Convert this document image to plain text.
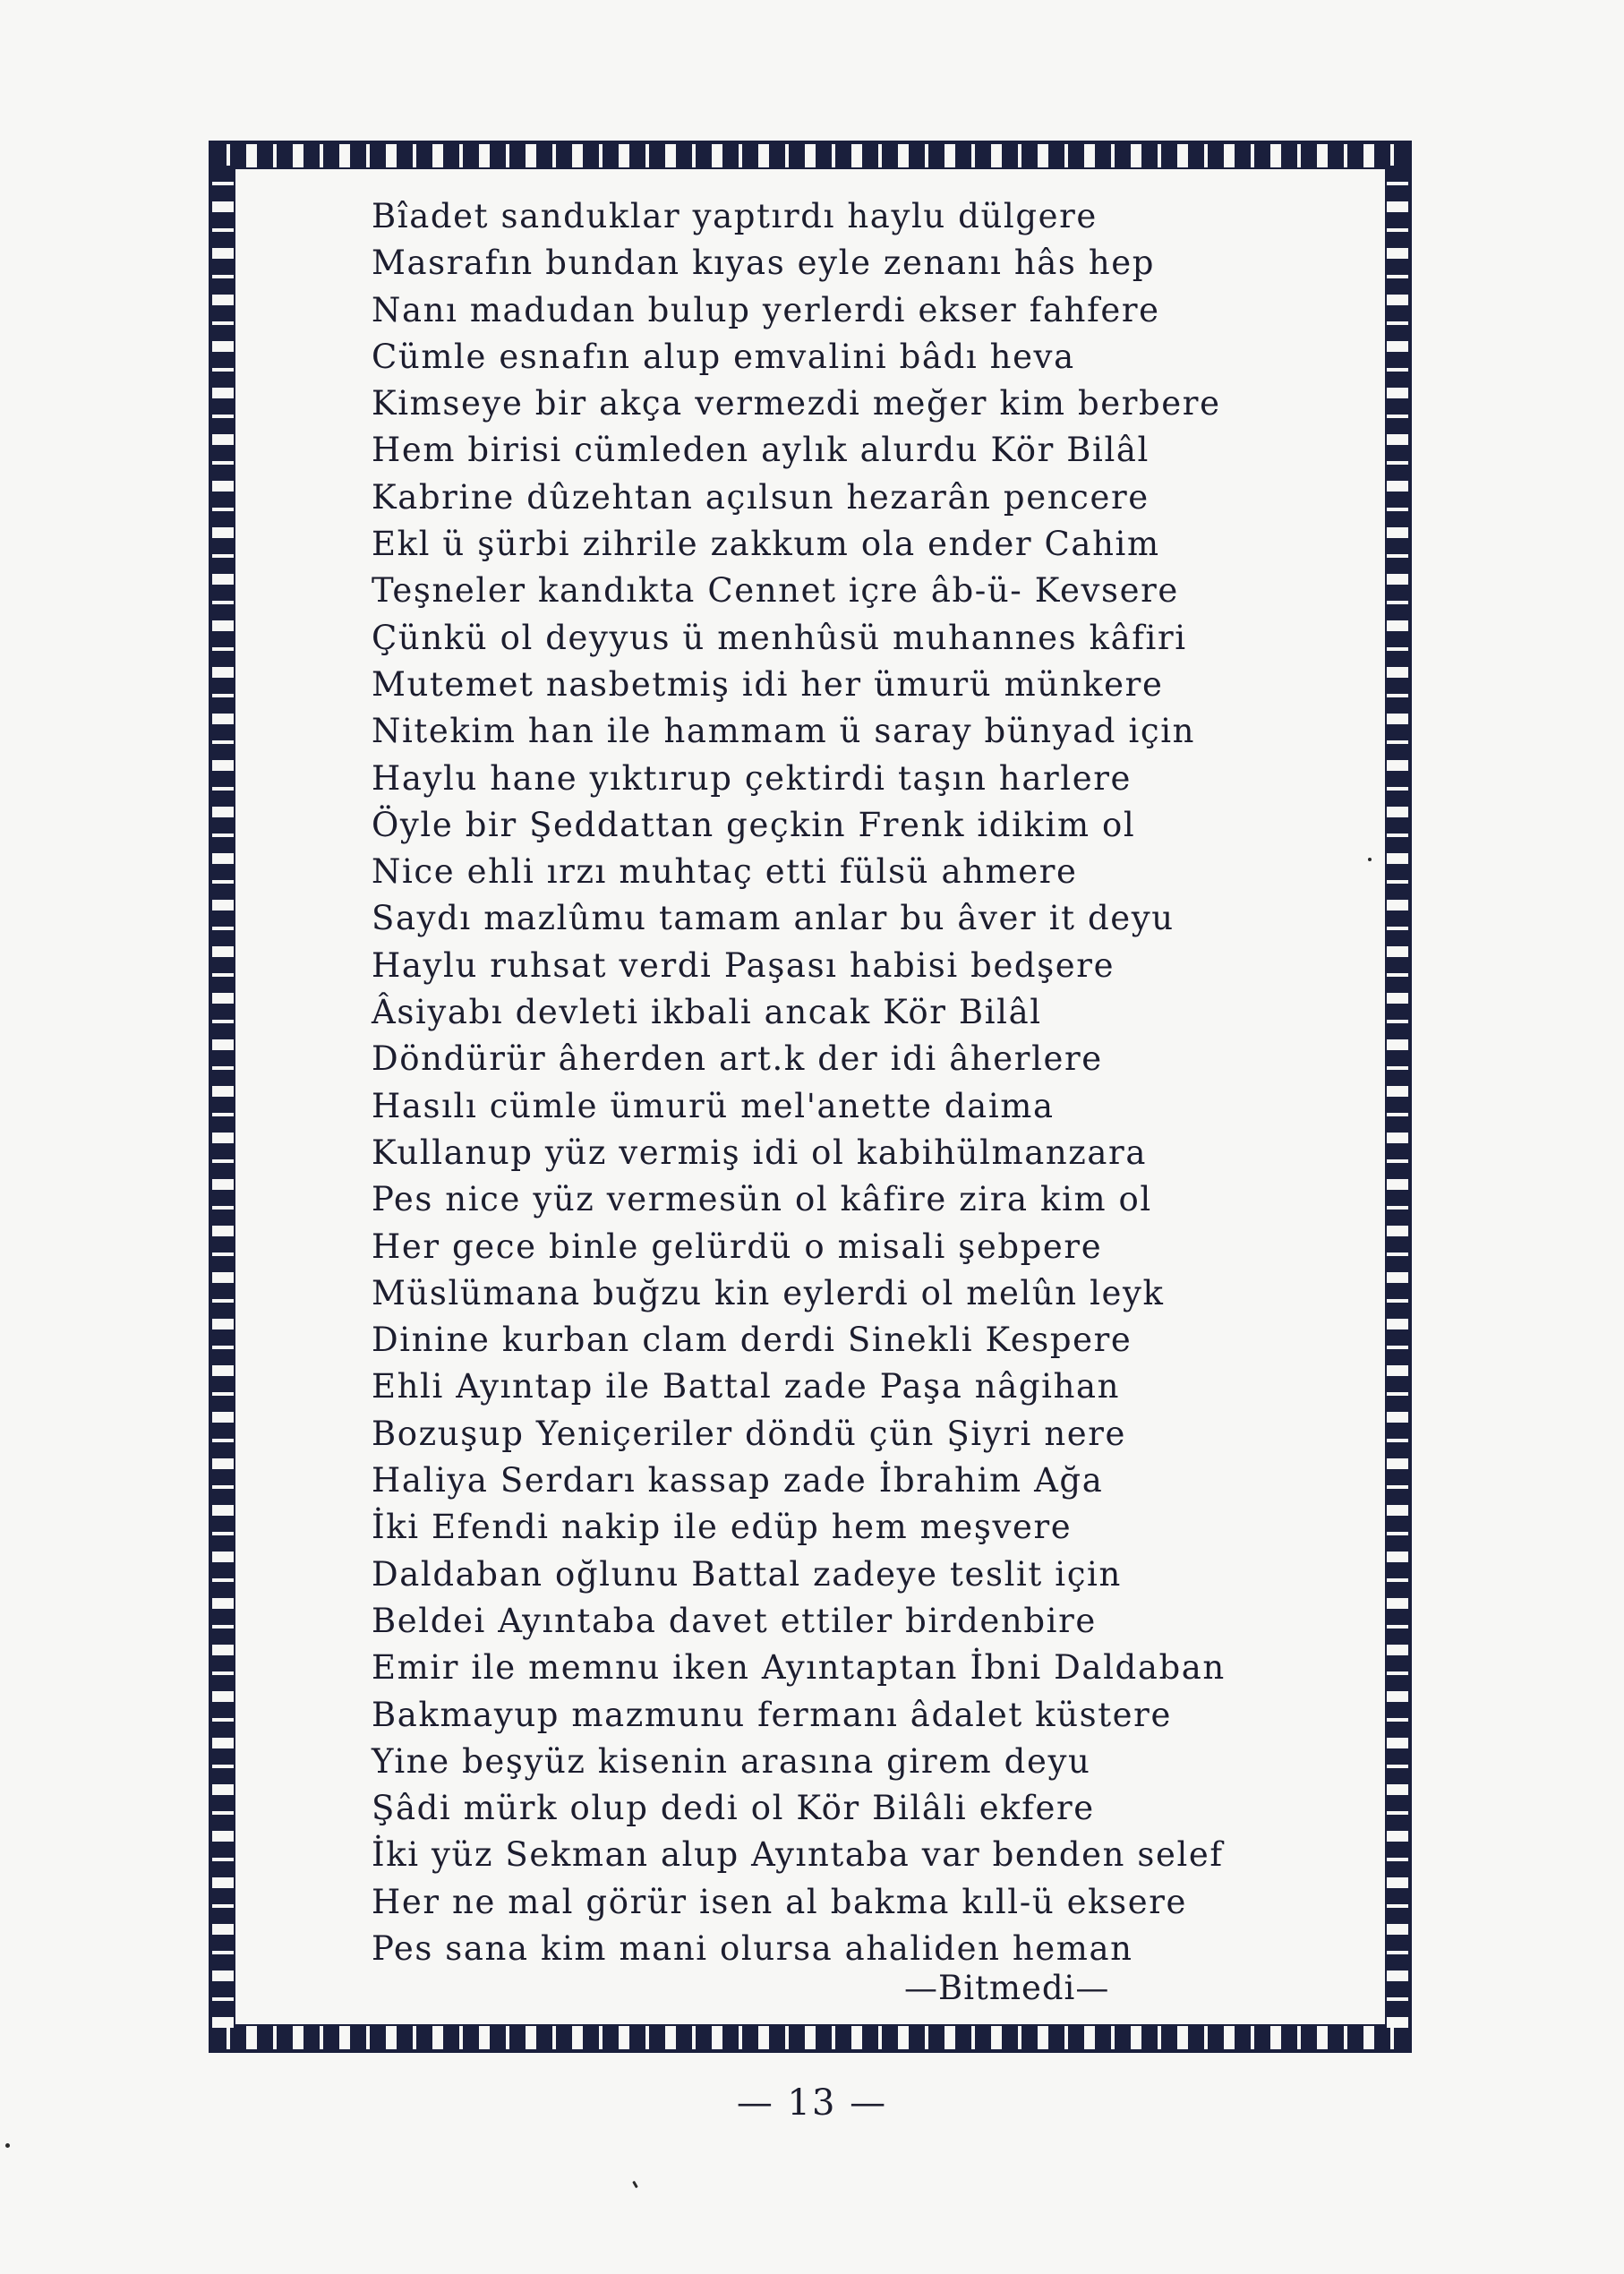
Bîadet sanduklar yaptırdı haylu dülgere
Masrafın bundan kıyas eyle zenanı hâs hep
Nanı madudan bulup yerlerdi ekser fahfere
Cümle esnafın alup emvalini bâdı heva
Kimseye bir akça vermezdi meğer kim berbere
Hem birisi cümleden aylık alurdu Kör Bilâl
Kabrine dûzehtan açılsun hezarân pencere
Ekl ü şürbi zihrile zakkum ola ender Cahim
Teşneler kandıkta Cennet içre âb-ü- Kevsere
Çünkü ol deyyus ü menhûsü muhannes kâfiri
Mutemet nasbetmiş idi her ümurü münkere
Nitekim han ile hammam ü saray bünyad için
Haylu hane yıktırup çektirdi taşın harlere
Öyle bir Şeddattan geçkin Frenk idikim ol
Nice ehli ırzı muhtaç etti fülsü ahmere
Saydı mazlûmu tamam anlar bu âver it deyu
Haylu ruhsat verdi Paşası habisi bedşere
Âsiyabı devleti ikbali ancak Kör Bilâl
Döndürür âherden art.k der idi âherlere
Hasılı cümle ümurü mel'anette daima
Kullanup yüz vermiş idi ol kabihülmanzara
Pes nice yüz vermesün ol kâfire zira kim ol
Her gece binle gelürdü o misali şebpere
Müslümana buğzu kin eylerdi ol melûn leyk
Dinine kurban clam derdi Sinekli Kespere
Ehli Ayıntap ile Battal zade Paşa nâgihan
Bozuşup Yeniçeriler döndü çün Şiyri nere
Haliya Serdarı kassap zade İbrahim Ağa
İki Efendi nakip ile edüp hem meşvere
Daldaban oğlunu Battal zadeye teslit için
Beldei Ayıntaba davet ettiler birdenbire
Emir ile memnu iken Ayıntaptan İbni Daldaban
Bakmayup mazmunu fermanı âdalet küstere
Yine beşyüz kisenin arasına girem deyu
Şâdi mürk olup dedi ol Kör Bilâli ekfere
İki yüz Sekman alup Ayıntaba var benden selef
Her ne mal görür isen al bakma kıll-ü eksere
Pes sana kim mani olursa ahaliden heman
—Bitmedi—
— 13 —
